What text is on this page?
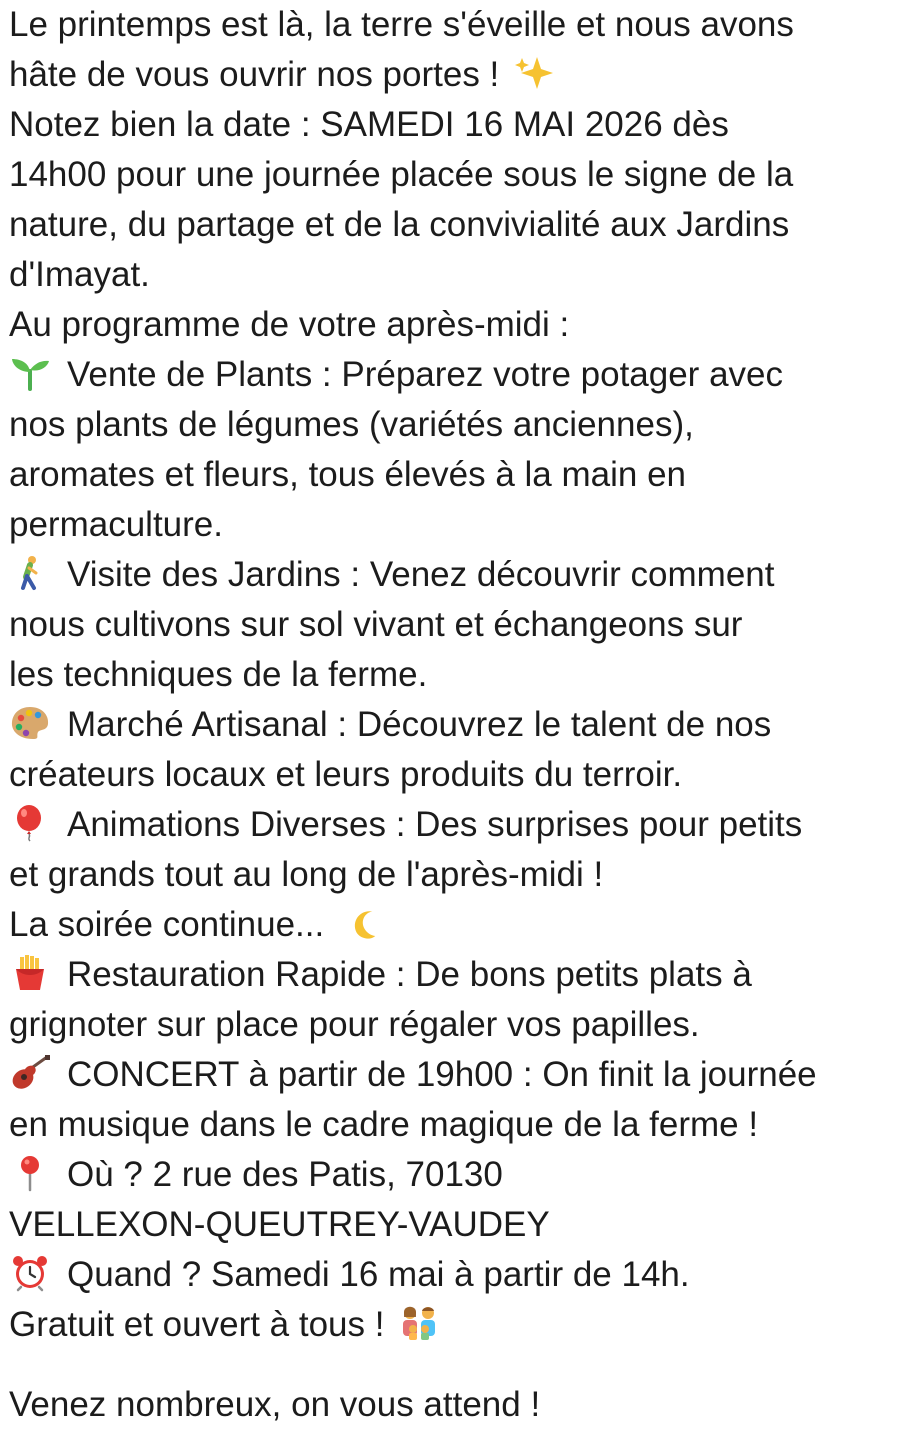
Le printemps est là, la terre s'éveille et nous avons
hâte de vous ouvrir nos portes !
Notez bien la date : SAMEDI 16 MAI 2026 dès
14h00 pour une journée placée sous le signe de la
nature, du partage et de la convivialité aux Jardins
d'Imayat.
Au programme de votre après-midi :
Vente de Plants : Préparez votre potager avec
nos plants de légumes (variétés anciennes),
aromates et fleurs, tous élevés à la main en
permaculture.
Visite des Jardins : Venez découvrir comment
nous cultivons sur sol vivant et échangeons sur
les techniques de la ferme.
Marché Artisanal : Découvrez le talent de nos
créateurs locaux et leurs produits du terroir.
Animations Diverses : Des surprises pour petits
et grands tout au long de l'après-midi !
La soirée continue...
Restauration Rapide : De bons petits plats à
grignoter sur place pour régaler vos papilles.
CONCERT à partir de 19h00 : On finit la journée
en musique dans le cadre magique de la ferme !
Où ? 2 rue des Patis, 70130
VELLEXON-QUEUTREY-VAUDEY
Quand ? Samedi 16 mai à partir de 14h.
Gratuit et ouvert à tous !
Venez nombreux, on vous attend !
